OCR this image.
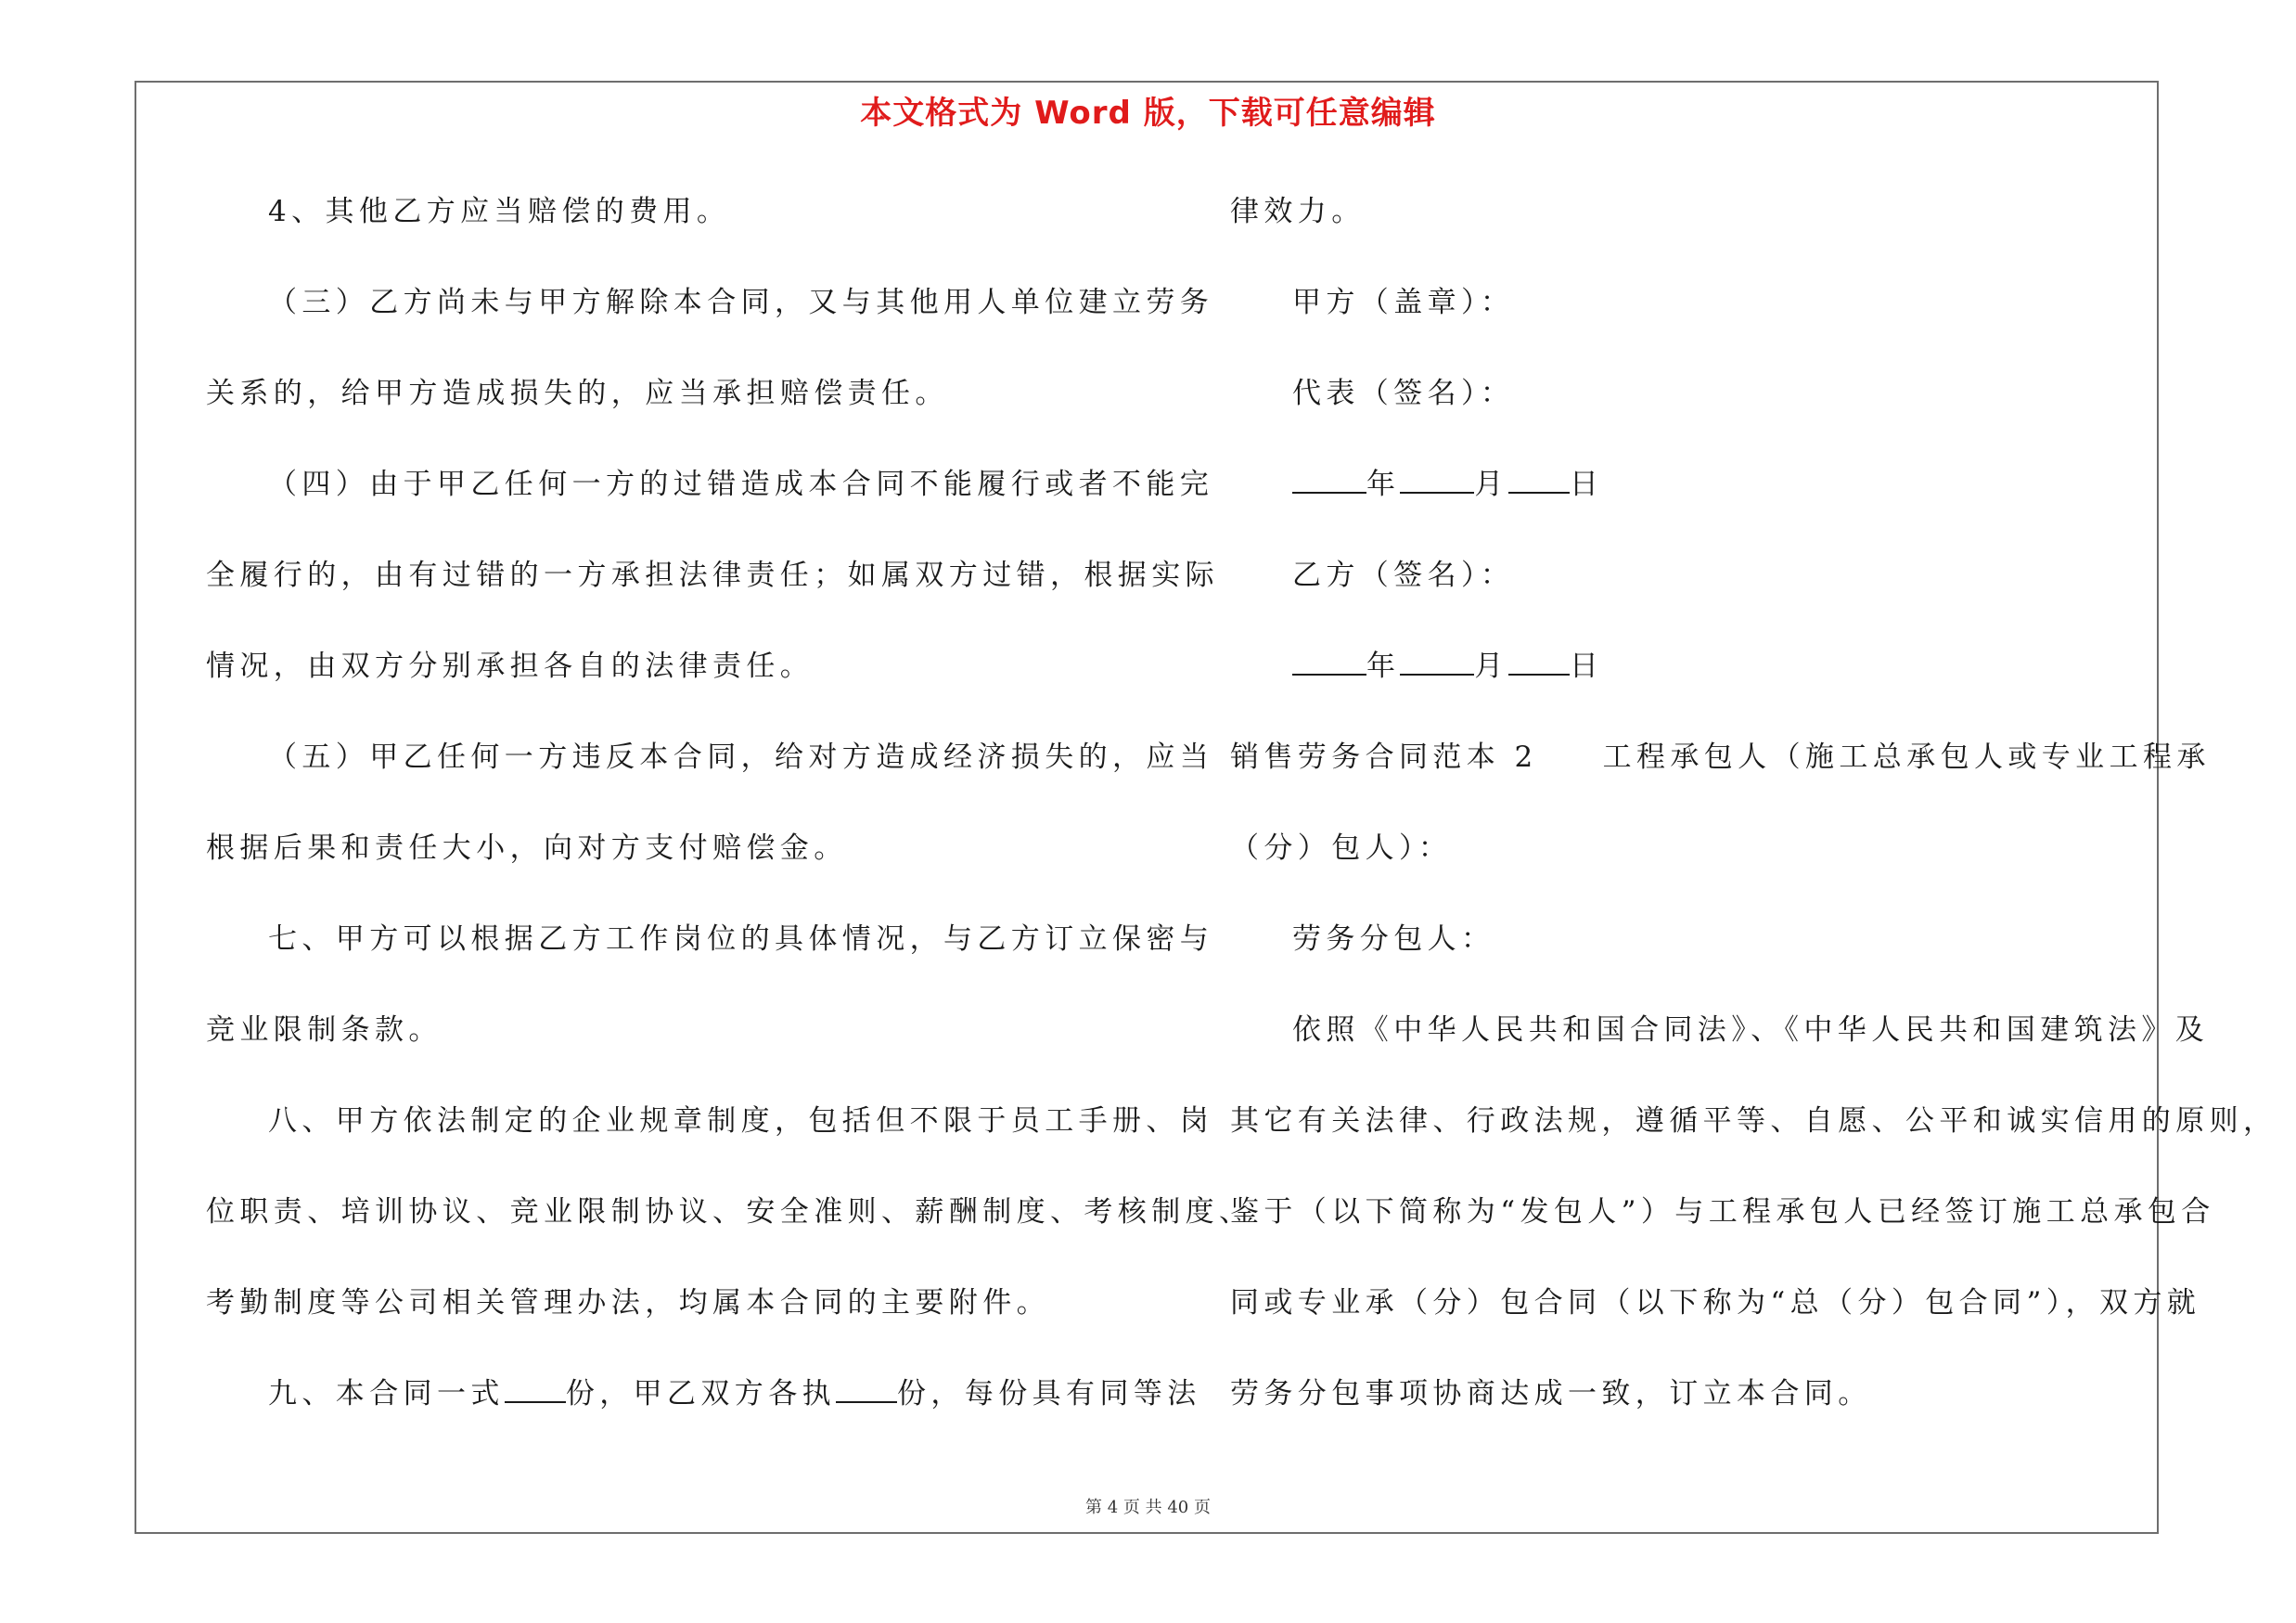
本文格式为 Word 版，下载可任意编辑
4、其他乙方应当赔偿的费用。
（三）乙方尚未与甲方解除本合同，又与其他用人单位建立劳务
关系的，给甲方造成损失的，应当承担赔偿责任。
（四）由于甲乙任何一方的过错造成本合同不能履行或者不能完
全履行的，由有过错的一方承担法律责任；如属双方过错，根据实际
情况，由双方分别承担各自的法律责任。
（五）甲乙任何一方违反本合同，给对方造成经济损失的，应当
根据后果和责任大小，向对方支付赔偿金。
七、甲方可以根据乙方工作岗位的具体情况，与乙方订立保密与
竞业限制条款。
八、甲方依法制定的企业规章制度，包括但不限于员工手册、岗
位职责、培训协议、竞业限制协议、安全准则、薪酬制度、考核制度、
考勤制度等公司相关管理办法，均属本合同的主要附件。
九、本合同一式 份，甲乙双方各执 份，每份具有同等法
律效力。
甲方（盖章）：
代表（签名）：
年	月 日
乙方（签名）：
年	月 日
销售劳务合同范本 2 工程承包人（施工总承包人或专业工程承
（分）包人）：
劳务分包人：
依照《中华人民共和国合同法》、《中华人民共和国建筑法》及
其它有关法律、行政法规，遵循平等、自愿、公平和诚实信用的原则，
鉴于（以下简称为“发包人”）与工程承包人已经签订施工总承包合
同或专业承（分）包合同（以下称为“总（分）包合同”），双方就
劳务分包事项协商达成一致，订立本合同。
第 4 页 共 40 页
